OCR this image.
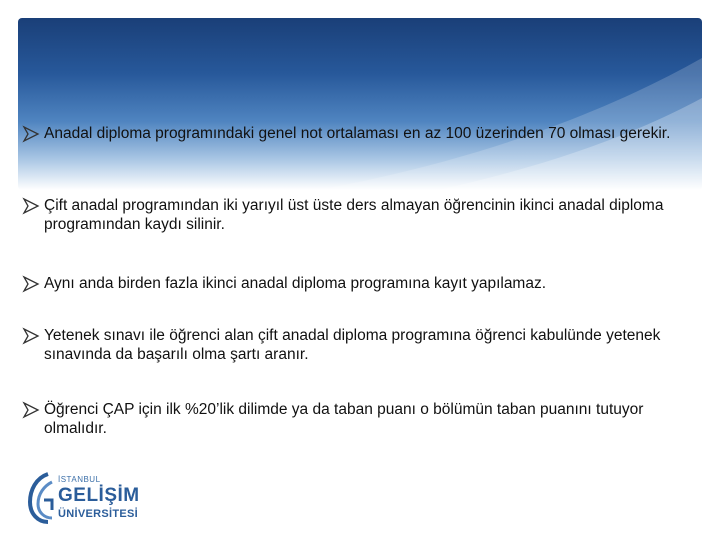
Anadal diploma programındaki genel not ortalaması en az 100 üzerinden 70 olması gerekir.
Çift anadal programından iki yarıyıl üst üste ders almayan öğrencinin ikinci anadal diploma programından kaydı silinir.
Aynı anda birden fazla ikinci anadal diploma programına kayıt yapılamaz.
Yetenek sınavı ile öğrenci alan çift anadal diploma programına öğrenci kabulünde yetenek sınavında da başarılı olma şartı aranır.
Öğrenci ÇAP için ilk %20’lik dilimde ya da taban puanı o bölümün taban puanını tutuyor olmalıdır.
İSTANBUL
GELİŞİM
ÜNİVERSİTESİ
